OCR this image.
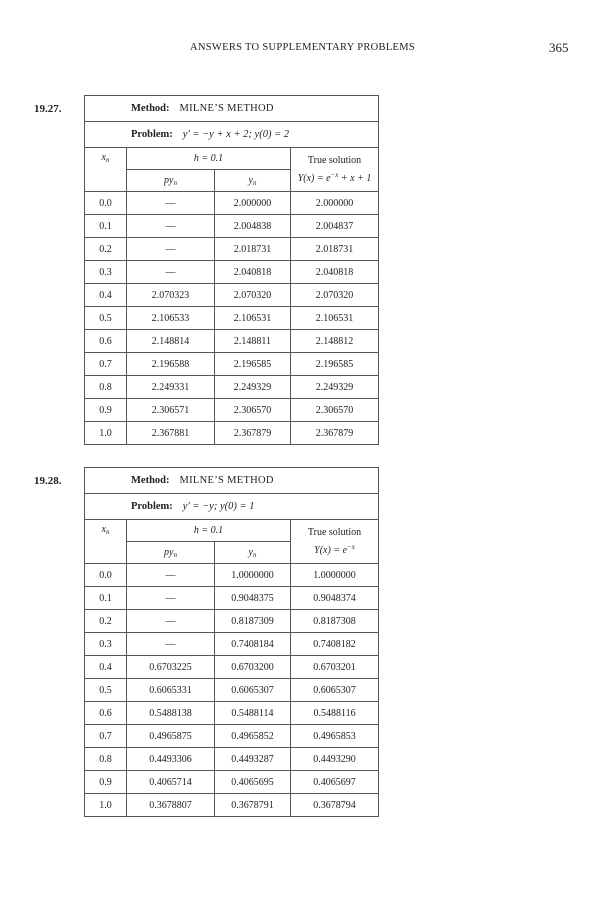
ANSWERS TO SUPPLEMENTARY PROBLEMS	365
19.27.	Method: MILNE’S METHOD			
Problem: y′ = −y + x + 2; y(0) = 2			
$x_n$	h = 0.1		True solution
$Y(x) = e^{-x} + x + 1$
	$py_n$	$y_n$
0.0	—	2.000000	2.000000
0.1	—	2.004838	2.004837
0.2	—	2.018731	2.018731
0.3	—	2.040818	2.040818
0.4	2.070323	2.070320	2.070320
0.5	2.106533	2.106531	2.106531
0.6	2.148814	2.148811	2.148812
0.7	2.196588	2.196585	2.196585
0.8	2.249331	2.249329	2.249329
0.9	2.306571	2.306570	2.306570
1.0	2.367881	2.367879	2.367879
19.28.	Method: MILNE’S METHOD			
Problem: y′ = −y; y(0) = 1			
$x_n$	h = 0.1		True solution
$Y(x) = e^{-x}$
	$py_n$	$y_n$
0.0	—	1.0000000	1.0000000
0.1	—	0.9048375	0.9048374
0.2	—	0.8187309	0.8187308
0.3	—	0.7408184	0.7408182
0.4	0.6703225	0.6703200	0.6703201
0.5	0.6065331	0.6065307	0.6065307
0.6	0.5488138	0.5488114	0.5488116
0.7	0.4965875	0.4965852	0.4965853
0.8	0.4493306	0.4493287	0.4493290
0.9	0.4065714	0.4065695	0.4065697
1.0	0.3678807	0.3678791	0.3678794
